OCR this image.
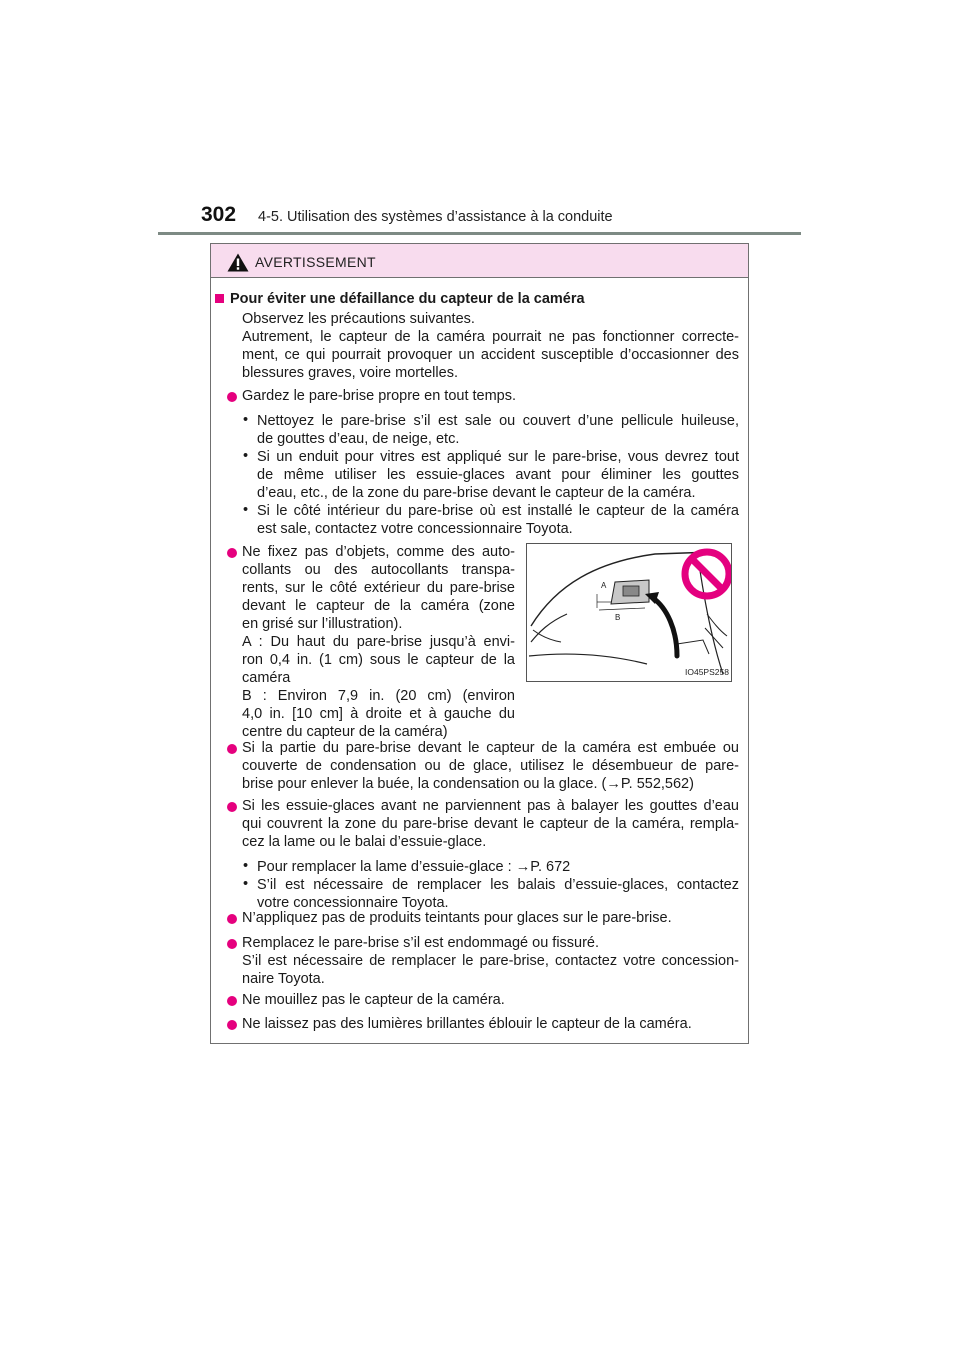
302 4-5. Utilisation des systèmes d’assistance à la conduite
AVERTISSEMENT
Pour éviter une défaillance du capteur de la caméra
Observez les précautions suivantes.
Autrement, le capteur de la caméra pourrait ne pas fonctionner correcte-
ment, ce qui pourrait provoquer un accident susceptible d’occasionner des
blessures graves, voire mortelles.
Gardez le pare-brise propre en tout temps.
• Nettoyez le pare-brise s’il est sale ou couvert d’une pellicule huileuse,
de gouttes d’eau, de neige, etc.
• Si un enduit pour vitres est appliqué sur le pare-brise, vous devrez tout
de même utiliser les essuie-glaces avant pour éliminer les gouttes
d’eau, etc., de la zone du pare-brise devant le capteur de la caméra.
• Si le côté intérieur du pare-brise où est installé le capteur de la caméra
est sale, contactez votre concessionnaire Toyota.
Ne fixez pas d’objets, comme des auto-
collants ou des autocollants transpa-
rents, sur le côté extérieur du pare-brise
devant le capteur de la caméra (zone
en grisé sur l’illustration).
A : Du haut du pare-brise jusqu’à envi-
ron 0,4 in. (1 cm) sous le capteur de la
caméra
B : Environ 7,9 in. (20 cm) (environ
4,0 in. [10 cm] à droite et à gauche du
centre du capteur de la caméra)
A
B
IO45PS258
Si la partie du pare-brise devant le capteur de la caméra est embuée ou
couverte de condensation ou de glace, utilisez le désembueur de pare-
brise pour enlever la buée, la condensation ou la glace. (→P. 552,562)
Si les essuie-glaces avant ne parviennent pas à balayer les gouttes d’eau
qui couvrent la zone du pare-brise devant le capteur de la caméra, rempla-
cez la lame ou le balai d’essuie-glace.
• Pour remplacer la lame d’essuie-glace : →P. 672
• S’il est nécessaire de remplacer les balais d’essuie-glaces, contactez
votre concessionnaire Toyota.
N’appliquez pas de produits teintants pour glaces sur le pare-brise.
Remplacez le pare-brise s’il est endommagé ou fissuré.
S’il est nécessaire de remplacer le pare-brise, contactez votre concession-
naire Toyota.
Ne mouillez pas le capteur de la caméra.
Ne laissez pas des lumières brillantes éblouir le capteur de la caméra.
